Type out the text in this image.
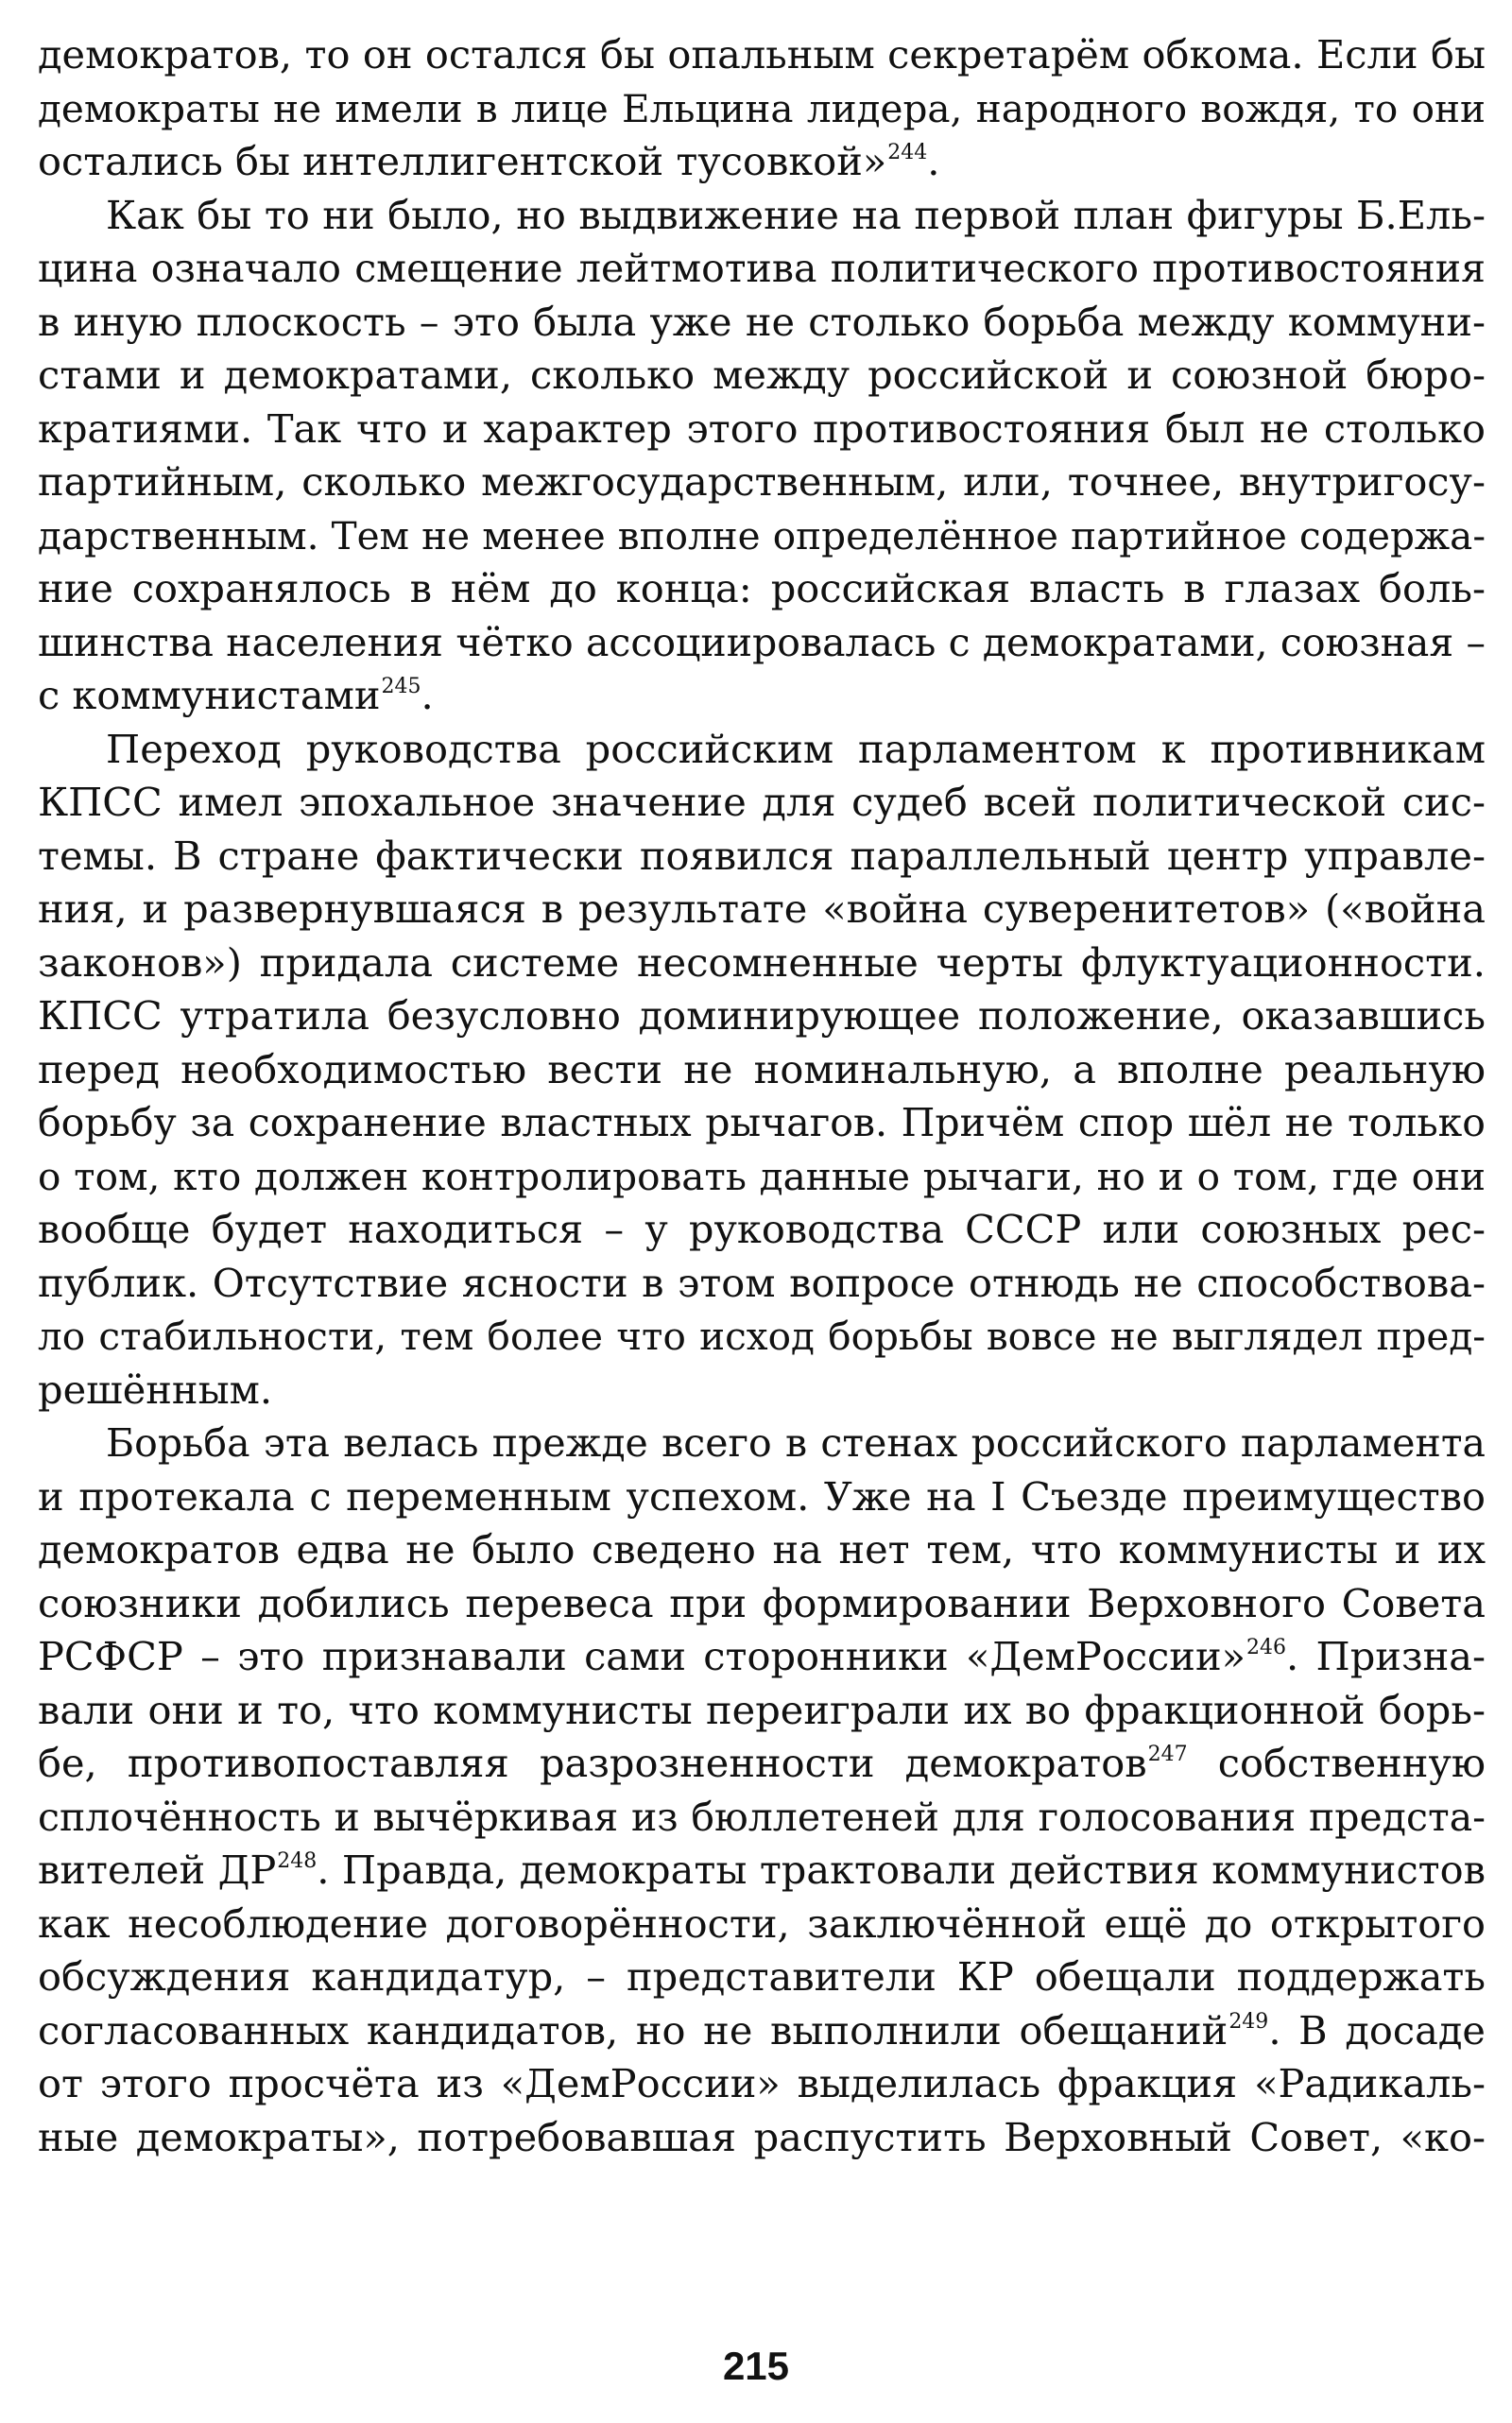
демократов, то он остался бы опальным секретарём обкома. Если бы
демократы не имели в лице Ельцина лидера, народного вождя, то они
остались бы интеллигентской тусовкой»$^{244}$.
Как бы то ни было, но выдвижение на первой план фигуры Б.Ель-
цина означало смещение лейтмотива политического противостояния
в иную плоскость – это была уже не столько борьба между коммуни-
стами и демократами, сколько между российской и союзной бюро-
кратиями. Так что и характер этого противостояния был не столько
партийным, сколько межгосударственным, или, точнее, внутригосу-
дарственным. Тем не менее вполне определённое партийное содержа-
ние сохранялось в нём до конца: российская власть в глазах боль-
шинства населения чётко ассоциировалась с демократами, союзная –
с коммунистами$^{245}$.
Переход руководства российским парламентом к противникам
КПСС имел эпохальное значение для судеб всей политической сис-
темы. В стране фактически появился параллельный центр управле-
ния, и развернувшаяся в результате «война суверенитетов» («война
законов») придала системе несомненные черты флуктуационности.
КПСС утратила безусловно доминирующее положение, оказавшись
перед необходимостью вести не номинальную, а вполне реальную
борьбу за сохранение властных рычагов. Причём спор шёл не только
о том, кто должен контролировать данные рычаги, но и о том, где они
вообще будет находиться – у руководства СССР или союзных рес-
публик. Отсутствие ясности в этом вопросе отнюдь не способствова-
ло стабильности, тем более что исход борьбы вовсе не выглядел пред-
решённым.
Борьба эта велась прежде всего в стенах российского парламента
и протекала с переменным успехом. Уже на I Съезде преимущество
демократов едва не было сведено на нет тем, что коммунисты и их
союзники добились перевеса при формировании Верховного Совета
РСФСР – это признавали сами сторонники «ДемРоссии»$^{246}$. Призна-
вали они и то, что коммунисты переиграли их во фракционной борь-
бе, противопоставляя разрозненности демократов$^{247}$ собственную
сплочённость и вычёркивая из бюллетеней для голосования предста-
вителей ДР$^{248}$. Правда, демократы трактовали действия коммунистов
как несоблюдение договорённости, заключённой ещё до открытого
обсуждения кандидатур, – представители КР обещали поддержать
согласованных кандидатов, но не выполнили обещаний$^{249}$. В досаде
от этого просчёта из «ДемРоссии» выделилась фракция «Радикаль-
ные демократы», потребовавшая распустить Верховный Совет, «ко-
215
